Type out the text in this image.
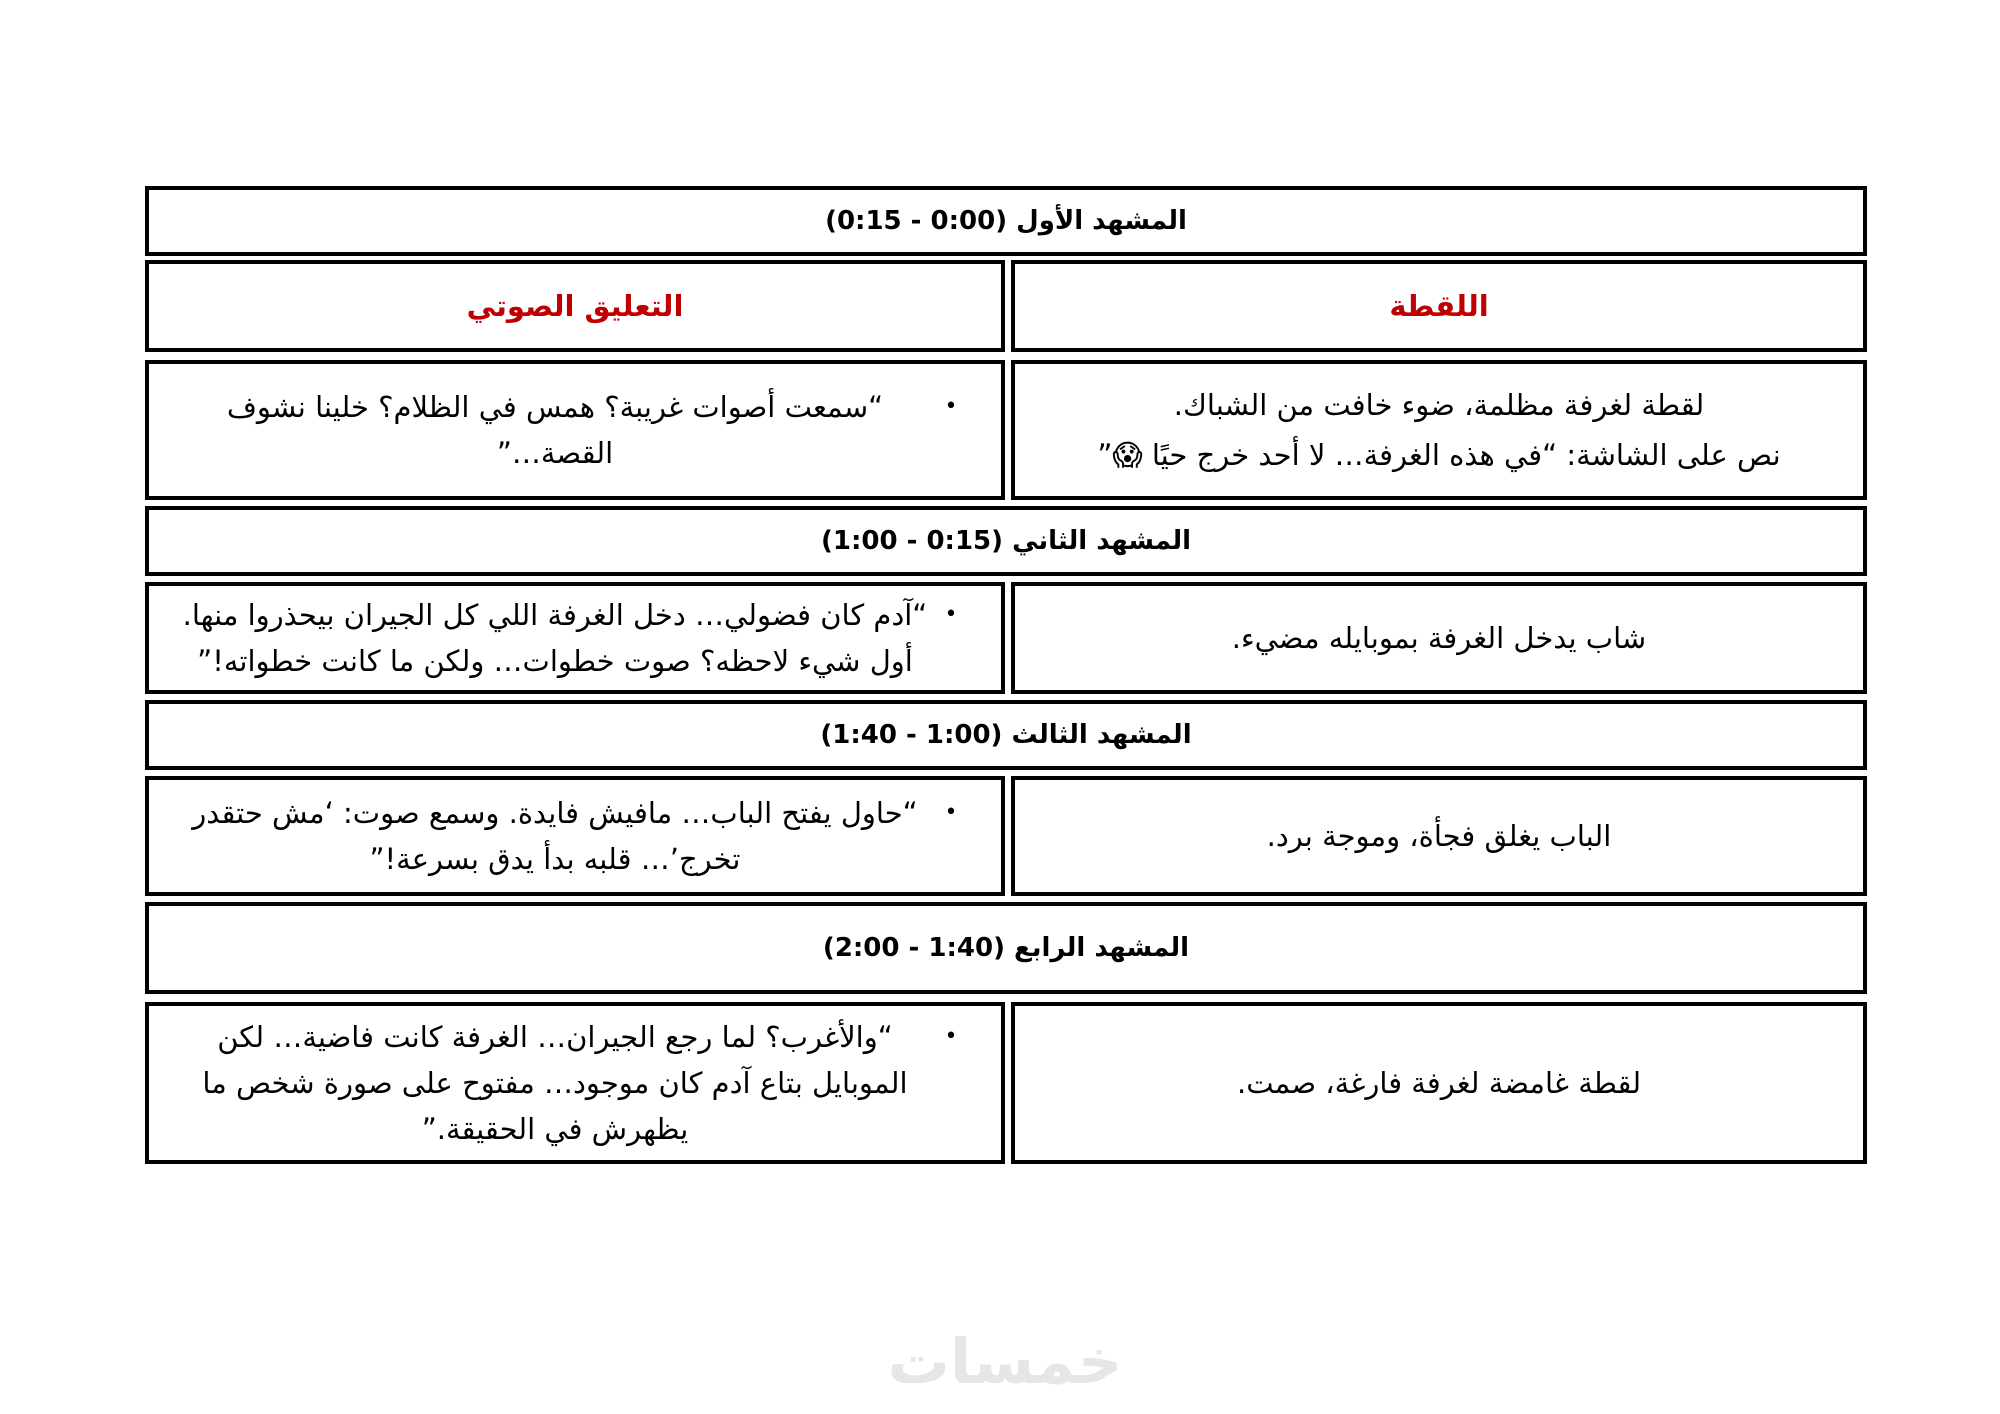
المشهد الأول (0:00 - 0:15)
اللقطة
التعليق الصوتي
لقطة لغرفة مظلمة، ضوء خافت من الشباك.
نص على الشاشة: “في هذه الغرفة… لا أحد خرج حيًا 😱”
•
“سمعت أصوات غريبة؟ همس في الظلام؟ خلينا نشوف القصة…”
المشهد الثاني (0:15 - 1:00)
شاب يدخل الغرفة بموبايله مضيء.
•
“آدم كان فضولي… دخل الغرفة اللي كل الجيران بيحذروا منها. أول شيء لاحظه؟ صوت خطوات… ولكن ما كانت خطواته!”
المشهد الثالث (1:00 - 1:40)
الباب يغلق فجأة، وموجة برد.
•
“حاول يفتح الباب… مافيش فايدة. وسمع صوت: ‘مش حتقدر تخرج’… قلبه بدأ يدق بسرعة!”
المشهد الرابع (1:40 - 2:00)
لقطة غامضة لغرفة فارغة، صمت.
•
“والأغرب؟ لما رجع الجيران… الغرفة كانت فاضية… لكن الموبايل بتاع آدم كان موجود… مفتوح على صورة شخص ما يظهرش في الحقيقة.”
خمسات
